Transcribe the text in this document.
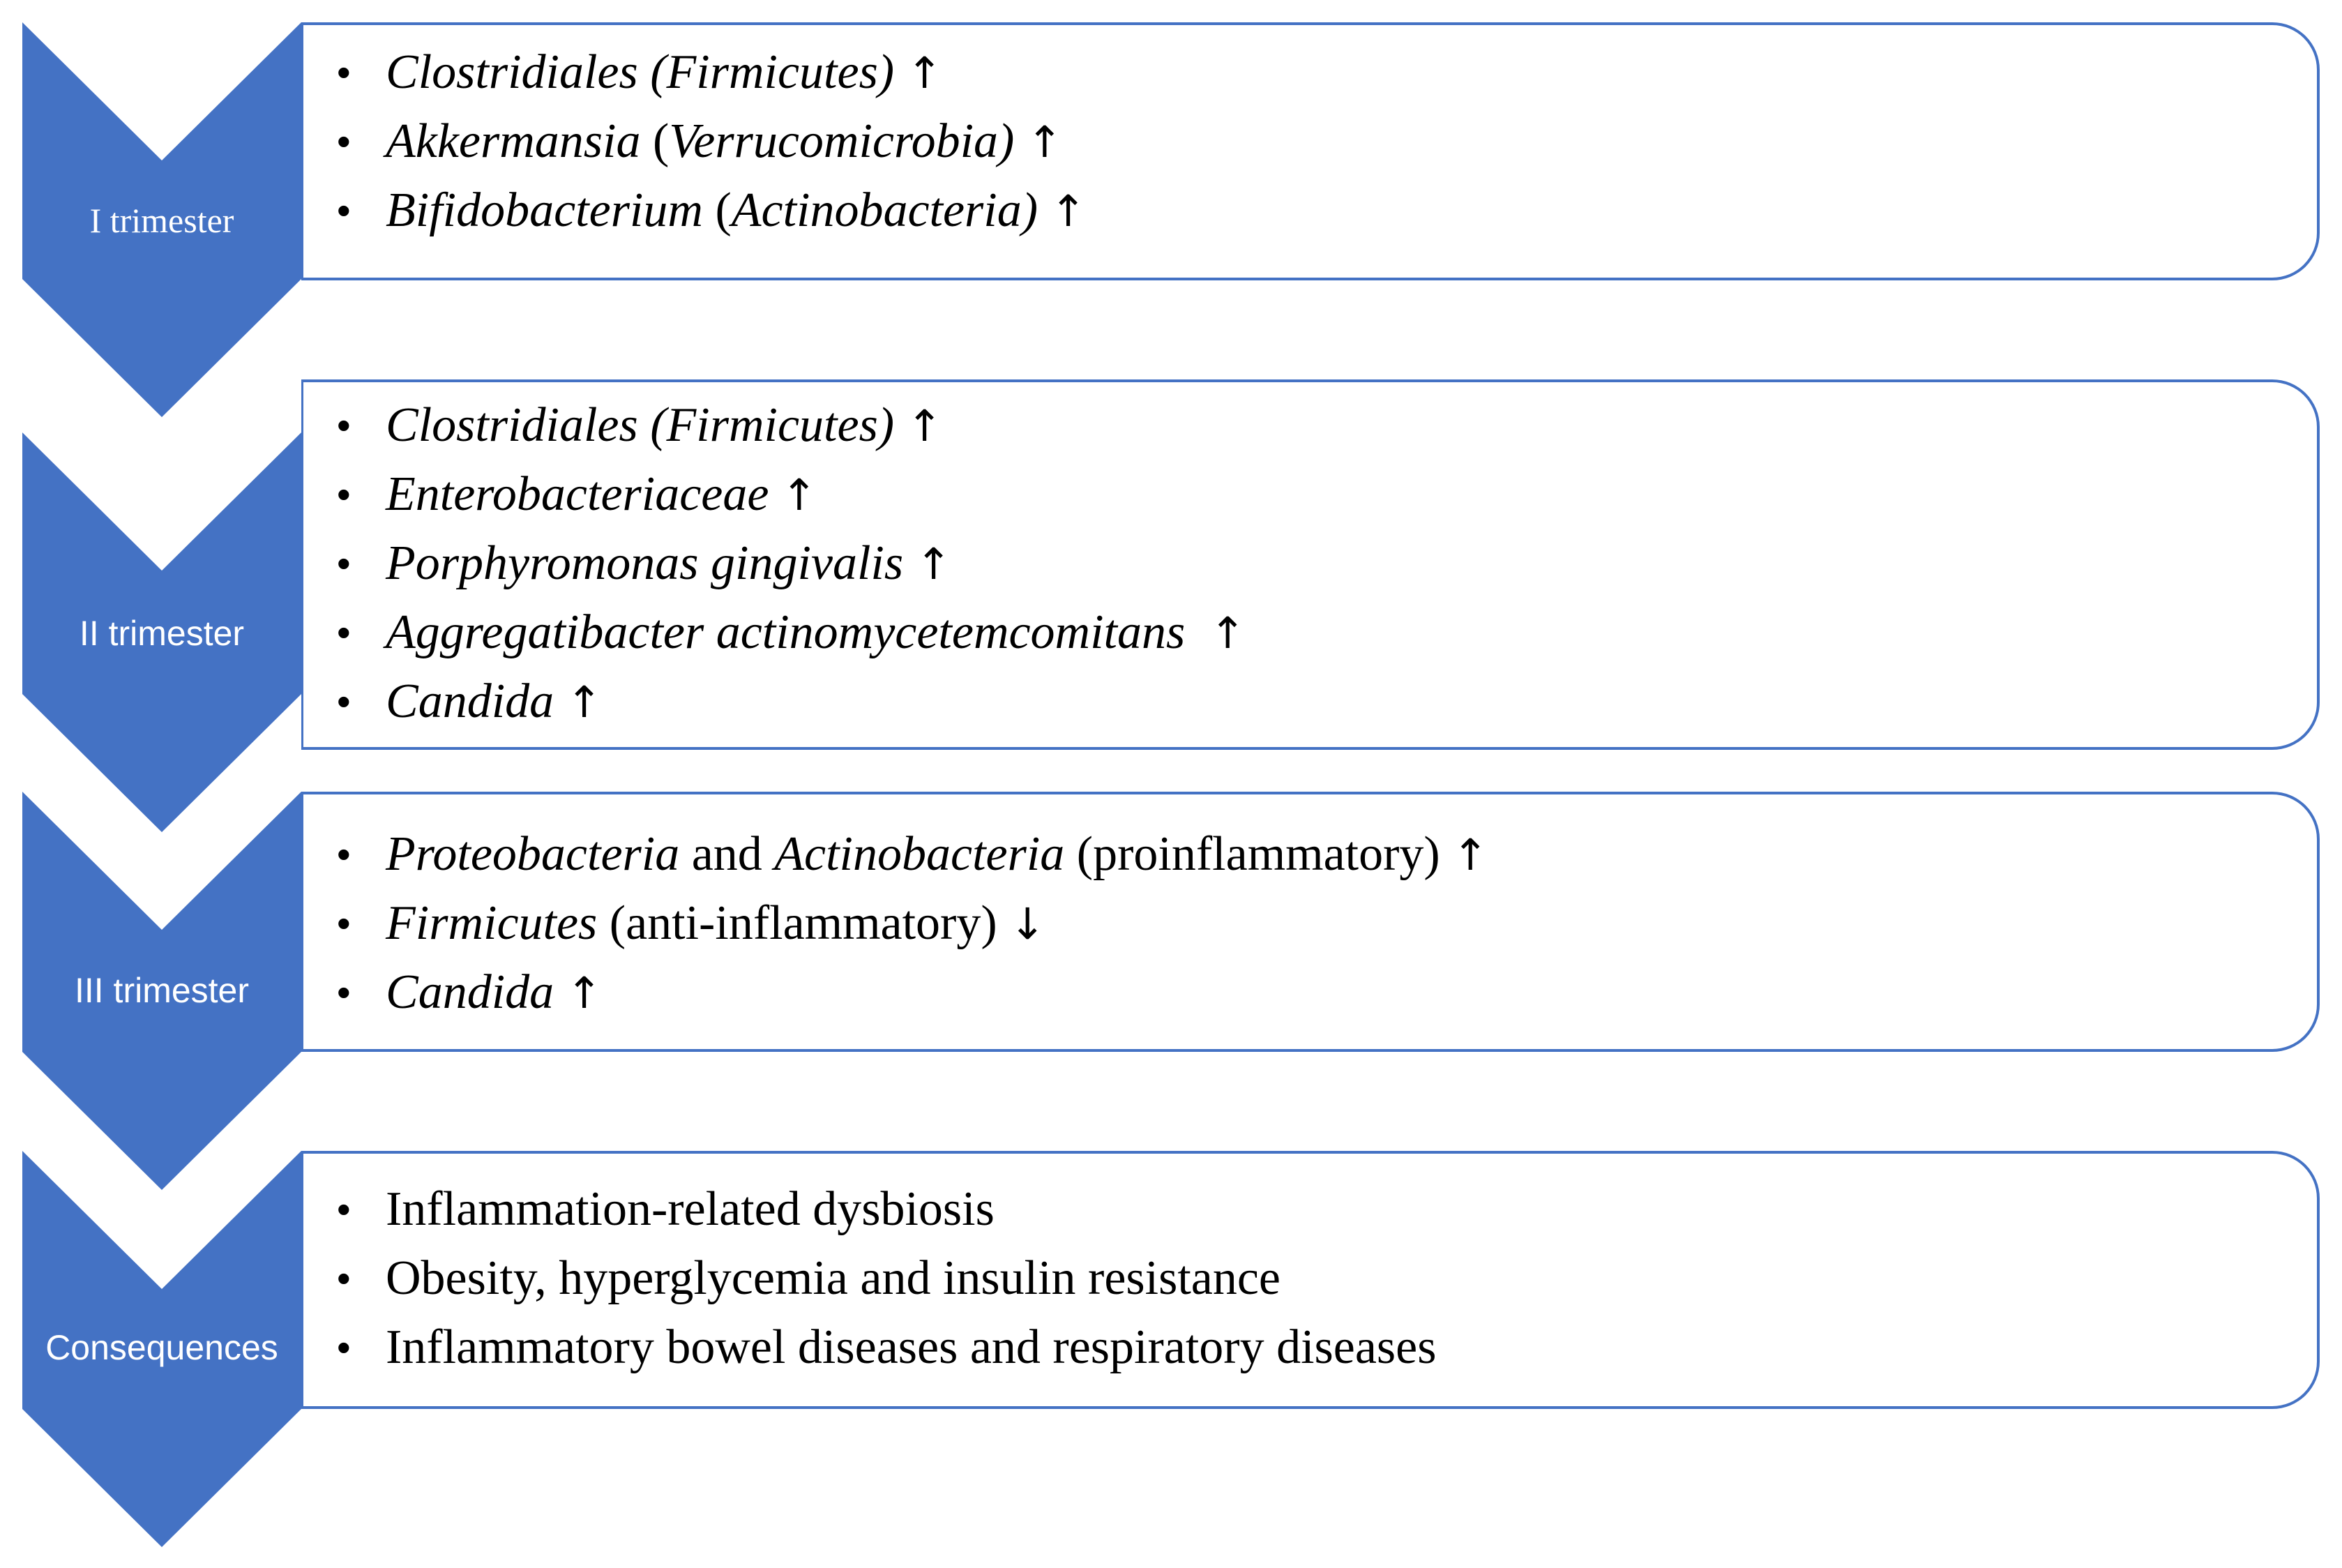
I trimester
II trimester
III trimester
Consequences
• Clostridiales (Firmicutes) ↑
• Akkermansia (Verrucomicrobia) ↑
• Bifidobacterium (Actinobacteria) ↑
• Clostridiales (Firmicutes) ↑
• Enterobacteriaceae ↑
• Porphyromonas gingivalis ↑
• Aggregatibacter actinomycetemcomitans ↑
• Candida ↑
• Proteobacteria and Actinobacteria (proinflammatory) ↑
• Firmicutes (anti-inflammatory) ↓
• Candida ↑
• Inflammation-related dysbiosis
• Obesity, hyperglycemia and insulin resistance
• Inflammatory bowel diseases and respiratory diseases
